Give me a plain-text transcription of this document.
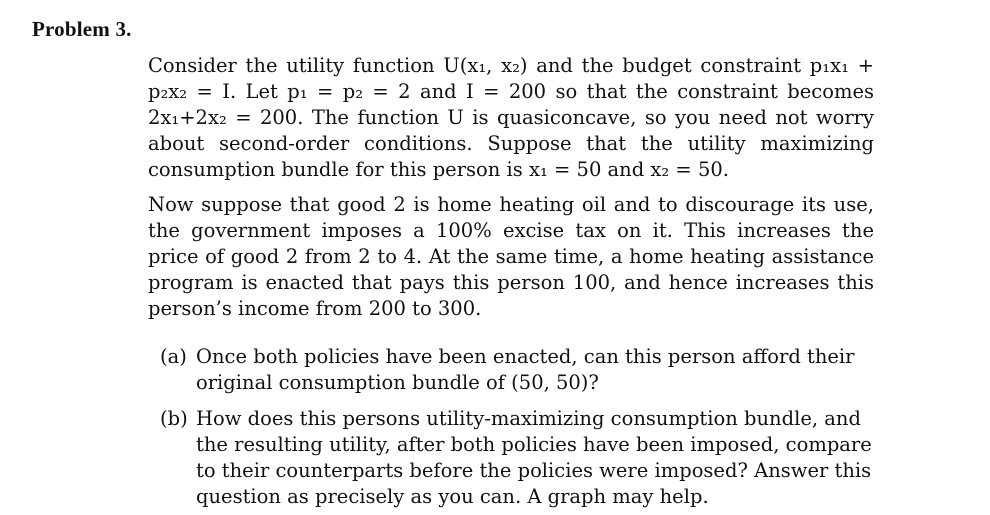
Problem 3.
Consider the utility function U(x₁, x₂) and the budget constraint p₁x₁ + p₂x₂ = I. Let p₁ = p₂ = 2 and I = 200 so that the constraint becomes 2x₁+2x₂ = 200. The function U is quasiconcave, so you need not worry about second-order conditions. Suppose that the utility maximizing consumption bundle for this person is x₁ = 50 and x₂ = 50.
Now suppose that good 2 is home heating oil and to discourage its use, the government imposes a 100% excise tax on it. This increases the price of good 2 from 2 to 4. At the same time, a home heating assistance program is enacted that pays this person 100, and hence increases this person’s income from 200 to 300.
(a) Once both policies have been enacted, can this person afford their original consumption bundle of (50, 50)?
(b) How does this persons utility-maximizing consumption bundle, and the resulting utility, after both policies have been imposed, compare to their counterparts before the policies were imposed? Answer this question as precisely as you can. A graph may help.
